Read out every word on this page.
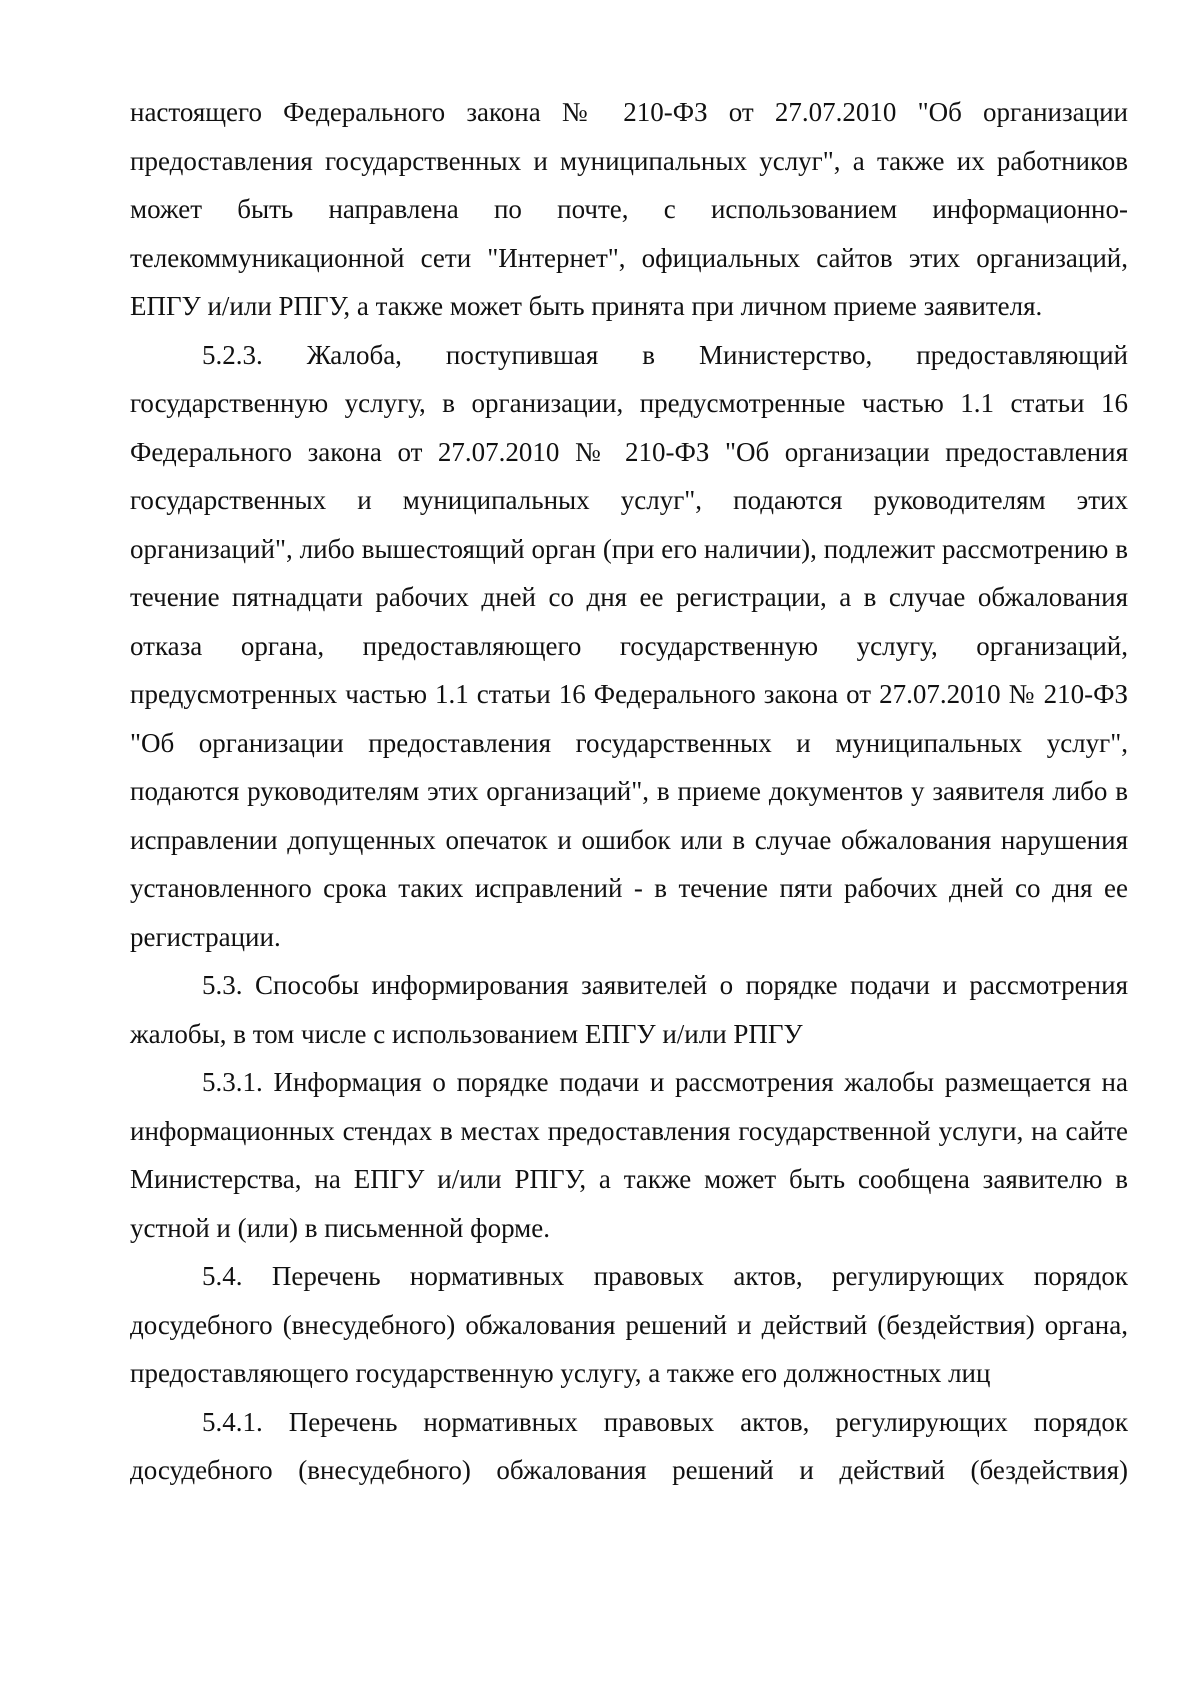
настоящего Федерального закона № 210-ФЗ от 27.07.2010 "Об организации предоставления государственных и муниципальных услуг", а также их работников может быть направлена по почте, с использованием информационно-телекоммуникационной сети "Интернет", официальных сайтов этих организаций, ЕПГУ и/или РПГУ, а также может быть принята при личном приеме заявителя.

5.2.3. Жалоба, поступившая в Министерство, предоставляющий государственную услугу, в организации, предусмотренные частью 1.1 статьи 16 Федерального закона от 27.07.2010 № 210-ФЗ "Об организации предоставления государственных и муниципальных услуг", подаются руководителям этих организаций", либо вышестоящий орган (при его наличии), подлежит рассмотрению в течение пятнадцати рабочих дней со дня ее регистрации, а в случае обжалования отказа органа, предоставляющего государственную услугу, организаций, предусмотренных частью 1.1 статьи 16 Федерального закона от 27.07.2010 № 210-ФЗ "Об организации предоставления государственных и муниципальных услуг", подаются руководителям этих организаций", в приеме документов у заявителя либо в исправлении допущенных опечаток и ошибок или в случае обжалования нарушения установленного срока таких исправлений - в течение пяти рабочих дней со дня ее регистрации.

5.3. Способы информирования заявителей о порядке подачи и рассмотрения жалобы, в том числе с использованием ЕПГУ и/или РПГУ

5.3.1. Информация о порядке подачи и рассмотрения жалобы размещается на информационных стендах в местах предоставления государственной услуги, на сайте Министерства, на ЕПГУ и/или РПГУ, а также может быть сообщена заявителю в устной и (или) в письменной форме.

5.4. Перечень нормативных правовых актов, регулирующих порядок досудебного (внесудебного) обжалования решений и действий (бездействия) органа, предоставляющего государственную услугу, а также его должностных лиц

5.4.1. Перечень нормативных правовых актов, регулирующих порядок досудебного (внесудебного) обжалования решений и действий (бездействия)
